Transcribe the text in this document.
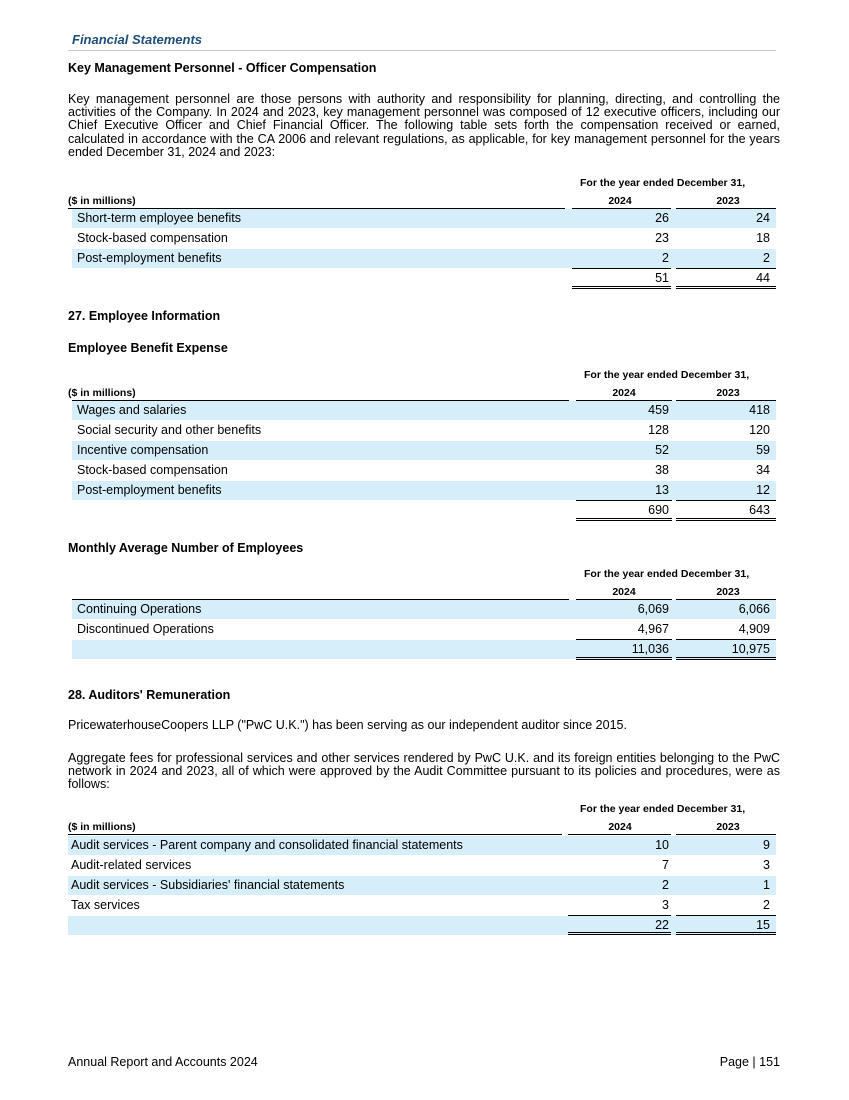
Financial Statements
Key Management Personnel - Officer Compensation
Key management personnel are those persons with authority and responsibility for planning, directing, and controlling the activities of the Company. In 2024 and 2023, key management personnel was composed of 12 executive officers, including our Chief Executive Officer and Chief Financial Officer. The following table sets forth the compensation received or earned, calculated in accordance with the CA 2006 and relevant regulations, as applicable, for key management personnel for the years ended December 31, 2024 and 2023:
For the year ended December 31,
($ in millions)	2024	2023
Short-term employee benefits	26	24
Stock-based compensation	23	18
Post-employment benefits	2	2
51	44
27. Employee Information
Employee Benefit Expense
For the year ended December 31,
($ in millions)	2024	2023
Wages and salaries	459	418
Social security and other benefits	128	120
Incentive compensation	52	59
Stock-based compensation	38	34
Post-employment benefits	13	12
690	643
Monthly Average Number of Employees
For the year ended December 31,
2024	2023
Continuing Operations	6,069	6,066
Discontinued Operations	4,967	4,909
11,036	10,975
28. Auditors' Remuneration
PricewaterhouseCoopers LLP ("PwC U.K.") has been serving as our independent auditor since 2015.
Aggregate fees for professional services and other services rendered by PwC U.K. and its foreign entities belonging to the PwC network in 2024 and 2023, all of which were approved by the Audit Committee pursuant to its policies and procedures, were as follows:
For the year ended December 31,
($ in millions)	2024	2023
Audit services - Parent company and consolidated financial statements	10	9
Audit-related services	7	3
Audit services - Subsidiaries' financial statements	2	1
Tax services	3	2
22	15
Annual Report and Accounts 2024	Page | 151
